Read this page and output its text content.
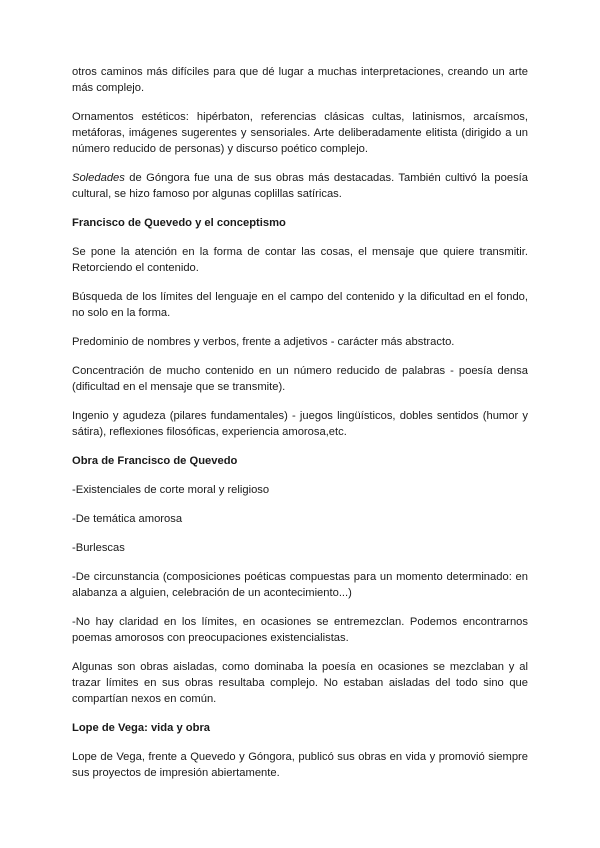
otros caminos más difíciles para que dé lugar a muchas interpretaciones, creando un arte más complejo.

Ornamentos estéticos: hipérbaton, referencias clásicas cultas, latinismos, arcaísmos, metáforas, imágenes sugerentes y sensoriales. Arte deliberadamente elitista (dirigido a un número reducido de personas) y discurso poético complejo.

Soledades de Góngora fue una de sus obras más destacadas. También cultivó la poesía cultural, se hizo famoso por algunas coplillas satíricas.

Francisco de Quevedo y el conceptismo

Se pone la atención en la forma de contar las cosas, el mensaje que quiere transmitir. Retorciendo el contenido.

Búsqueda de los límites del lenguaje en el campo del contenido y la dificultad en el fondo, no solo en la forma.

Predominio de nombres y verbos, frente a adjetivos - carácter más abstracto.

Concentración de mucho contenido en un número reducido de palabras - poesía densa (dificultad en el mensaje que se transmite).

Ingenio y agudeza (pilares fundamentales) - juegos lingüísticos, dobles sentidos (humor y sátira), reflexiones filosóficas, experiencia amorosa,etc.

Obra de Francisco de Quevedo

-Existenciales de corte moral y religioso

-De temática amorosa

-Burlescas

-De circunstancia (composiciones poéticas compuestas para un momento determinado: en alabanza a alguien, celebración de un acontecimiento...)

-No hay claridad en los límites, en ocasiones se entremezclan. Podemos encontrarnos poemas amorosos con preocupaciones existencialistas.

Algunas son obras aisladas, como dominaba la poesía en ocasiones se mezclaban y al trazar límites en sus obras resultaba complejo. No estaban aisladas del todo sino que compartían nexos en común.

Lope de Vega: vida y obra

Lope de Vega, frente a Quevedo y Góngora, publicó sus obras en vida y promovió siempre sus proyectos de impresión abiertamente.
